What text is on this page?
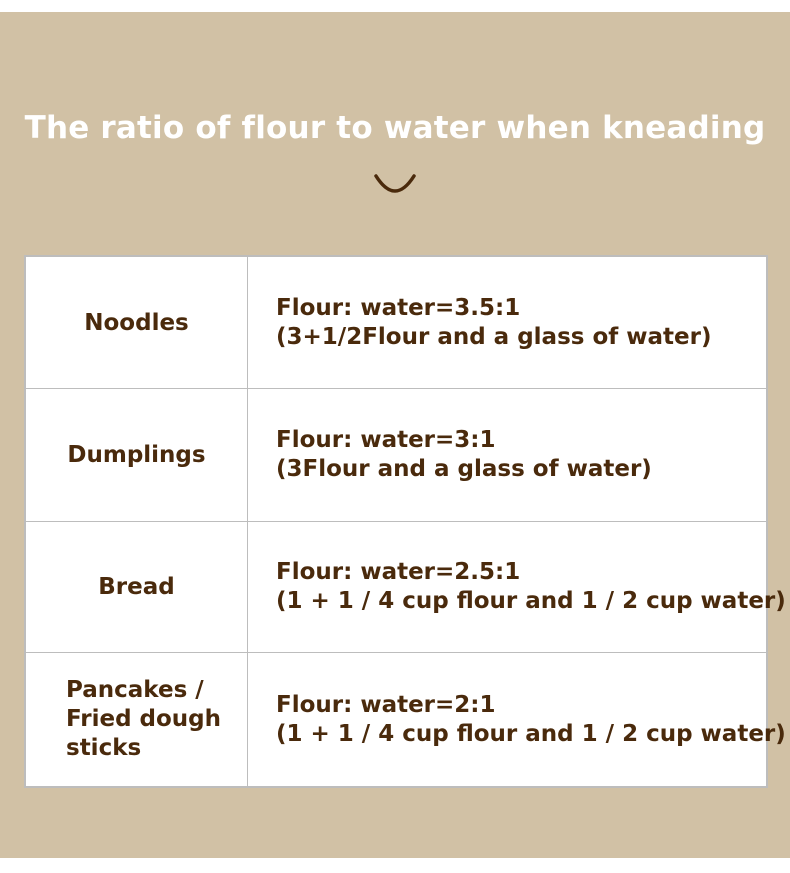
The ratio of flour to water when kneading
Noodles
Flour: water=3.5:1
(3+1/2Flour and a glass of water)
Dumplings
Flour: water=3:1
(3Flour and a glass of water)
Bread
Flour: water=2.5:1
(1 + 1 / 4 cup flour and 1 / 2 cup water)
Pancakes /
Fried dough
sticks
Flour: water=2:1
(1 + 1 / 4 cup flour and 1 / 2 cup water)
